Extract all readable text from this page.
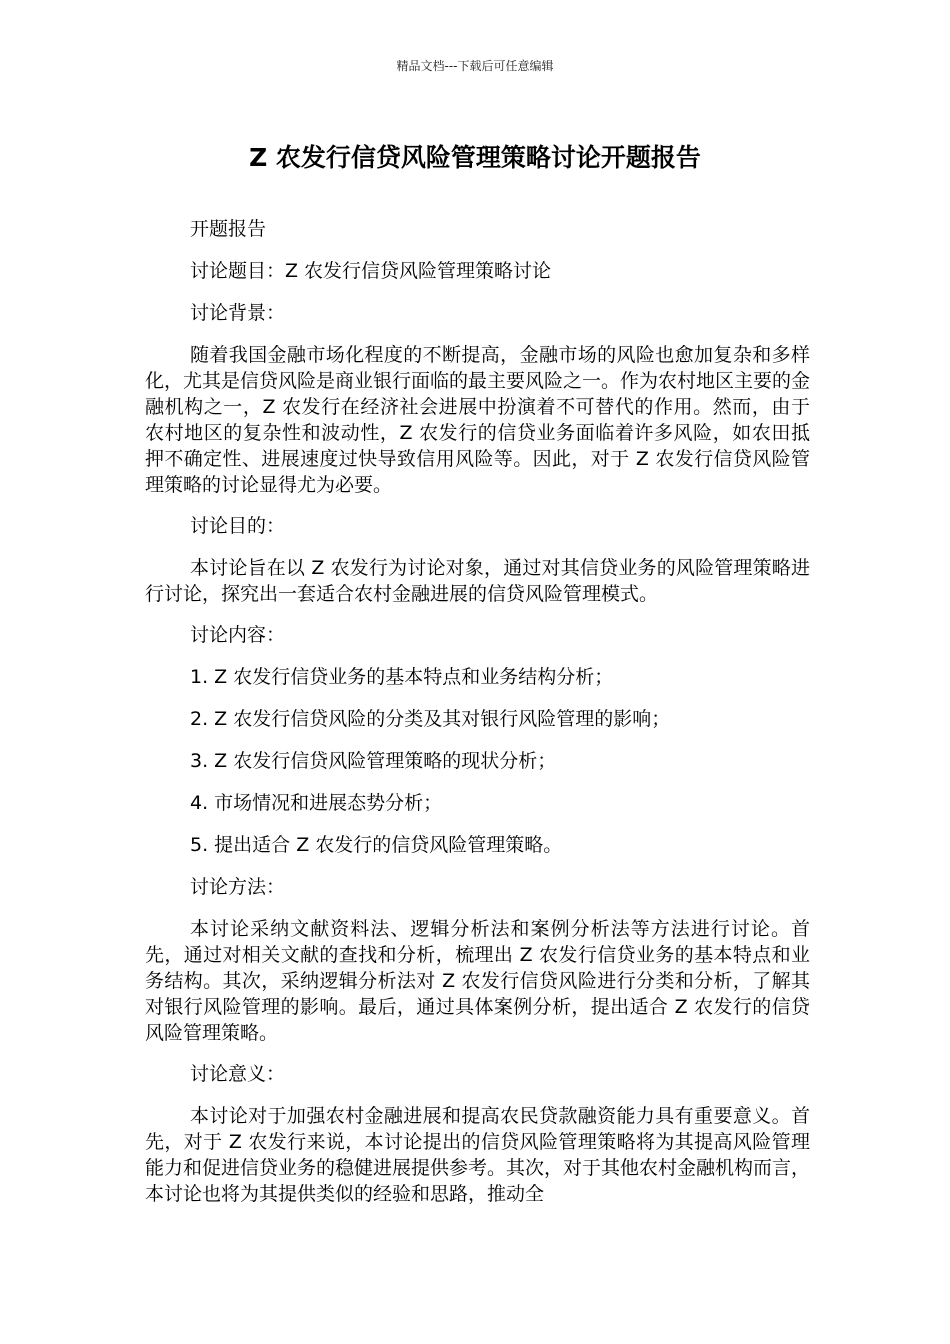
精品文档---下载后可任意编辑
Z 农发行信贷风险管理策略讨论开题报告

开题报告

讨论题目：Z 农发行信贷风险管理策略讨论

讨论背景：

随着我国金融市场化程度的不断提高，金融市场的风险也愈加复杂和多样化，尤其是信贷风险是商业银行面临的最主要风险之一。作为农村地区主要的金融机构之一，Z 农发行在经济社会进展中扮演着不可替代的作用。然而，由于农村地区的复杂性和波动性，Z 农发行的信贷业务面临着许多风险，如农田抵押不确定性、进展速度过快导致信用风险等。因此，对于 Z 农发行信贷风险管理策略的讨论显得尤为必要。

讨论目的：

本讨论旨在以 Z 农发行为讨论对象，通过对其信贷业务的风险管理策略进行讨论，探究出一套适合农村金融进展的信贷风险管理模式。

讨论内容：

1. Z 农发行信贷业务的基本特点和业务结构分析；

2. Z 农发行信贷风险的分类及其对银行风险管理的影响；

3. Z 农发行信贷风险管理策略的现状分析；

4. 市场情况和进展态势分析；

5. 提出适合 Z 农发行的信贷风险管理策略。

讨论方法：

本讨论采纳文献资料法、逻辑分析法和案例分析法等方法进行讨论。首先，通过对相关文献的查找和分析，梳理出 Z 农发行信贷业务的基本特点和业务结构。其次，采纳逻辑分析法对 Z 农发行信贷风险进行分类和分析，了解其对银行风险管理的影响。最后，通过具体案例分析，提出适合 Z 农发行的信贷风险管理策略。

讨论意义：

本讨论对于加强农村金融进展和提高农民贷款融资能力具有重要意义。首先，对于 Z 农发行来说，本讨论提出的信贷风险管理策略将为其提高风险管理能力和促进信贷业务的稳健进展提供参考。其次，对于其他农村金融机构而言，本讨论也将为其提供类似的经验和思路，推动全
